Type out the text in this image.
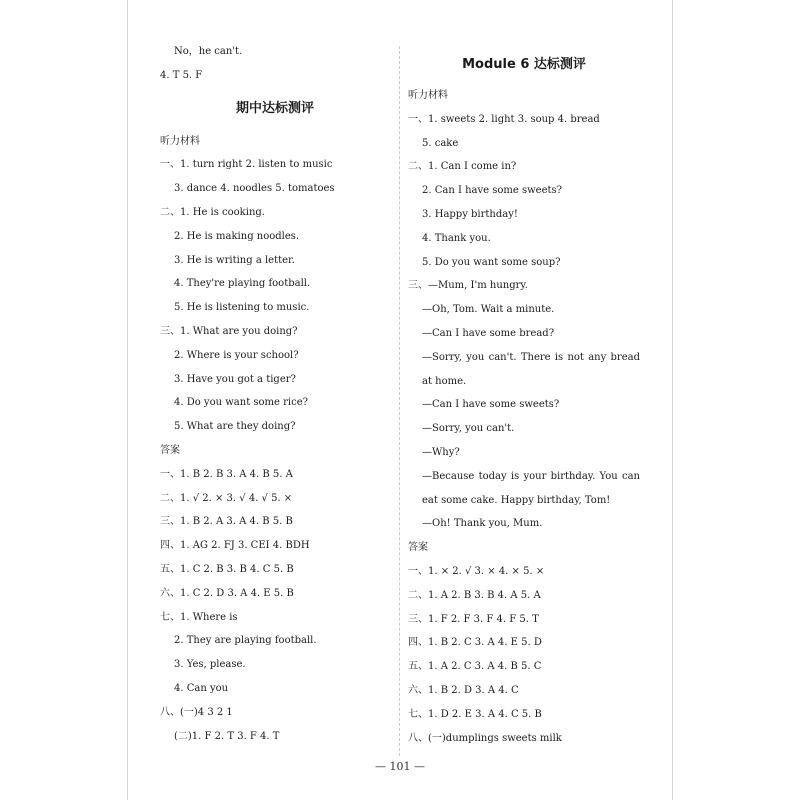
No，he can't.
4. T 5. F
期中达标测评
听力材料
一、1. turn right 2. listen to music
3. dance 4. noodles 5. tomatoes
二、1. He is cooking.
2. He is making noodles.
3. He is writing a letter.
4. They're playing football.
5. He is listening to music.
三、1. What are you doing?
2. Where is your school?
3. Have you got a tiger?
4. Do you want some rice?
5. What are they doing?
答案
一、1. B 2. B 3. A 4. B 5. A
二、1. √ 2. × 3. √ 4. √ 5. ×
三、1. B 2. A 3. A 4. B 5. B
四、1. AG 2. FJ 3. CEI 4. BDH
五、1. C 2. B 3. B 4. C 5. B
六、1. C 2. D 3. A 4. E 5. B
七、1. Where is
2. They are playing football.
3. Yes, please.
4. Can you
八、(一)4 3 2 1
(二)1. F 2. T 3. F 4. T
Module 6 达标测评
听力材料
一、1. sweets 2. light 3. soup 4. bread
5. cake
二、1. Can I come in?
2. Can I have some sweets?
3. Happy birthday!
4. Thank you.
5. Do you want some soup?
三、—Mum, I'm hungry.
—Oh, Tom. Wait a minute.
—Can I have some bread?
—Sorry, you can't. There is not any bread at home.
—Can I have some sweets?
—Sorry, you can't.
—Why?
—Because today is your birthday. You can eat some cake. Happy birthday, Tom!
—Oh! Thank you, Mum.
答案
一、1. × 2. √ 3. × 4. × 5. ×
二、1. A 2. B 3. B 4. A 5. A
三、1. F 2. F 3. F 4. F 5. T
四、1. B 2. C 3. A 4. E 5. D
五、1. A 2. C 3. A 4. B 5. C
六、1. B 2. D 3. A 4. C
七、1. D 2. E 3. A 4. C 5. B
八、(一)dumplings sweets milk
— 101 —
